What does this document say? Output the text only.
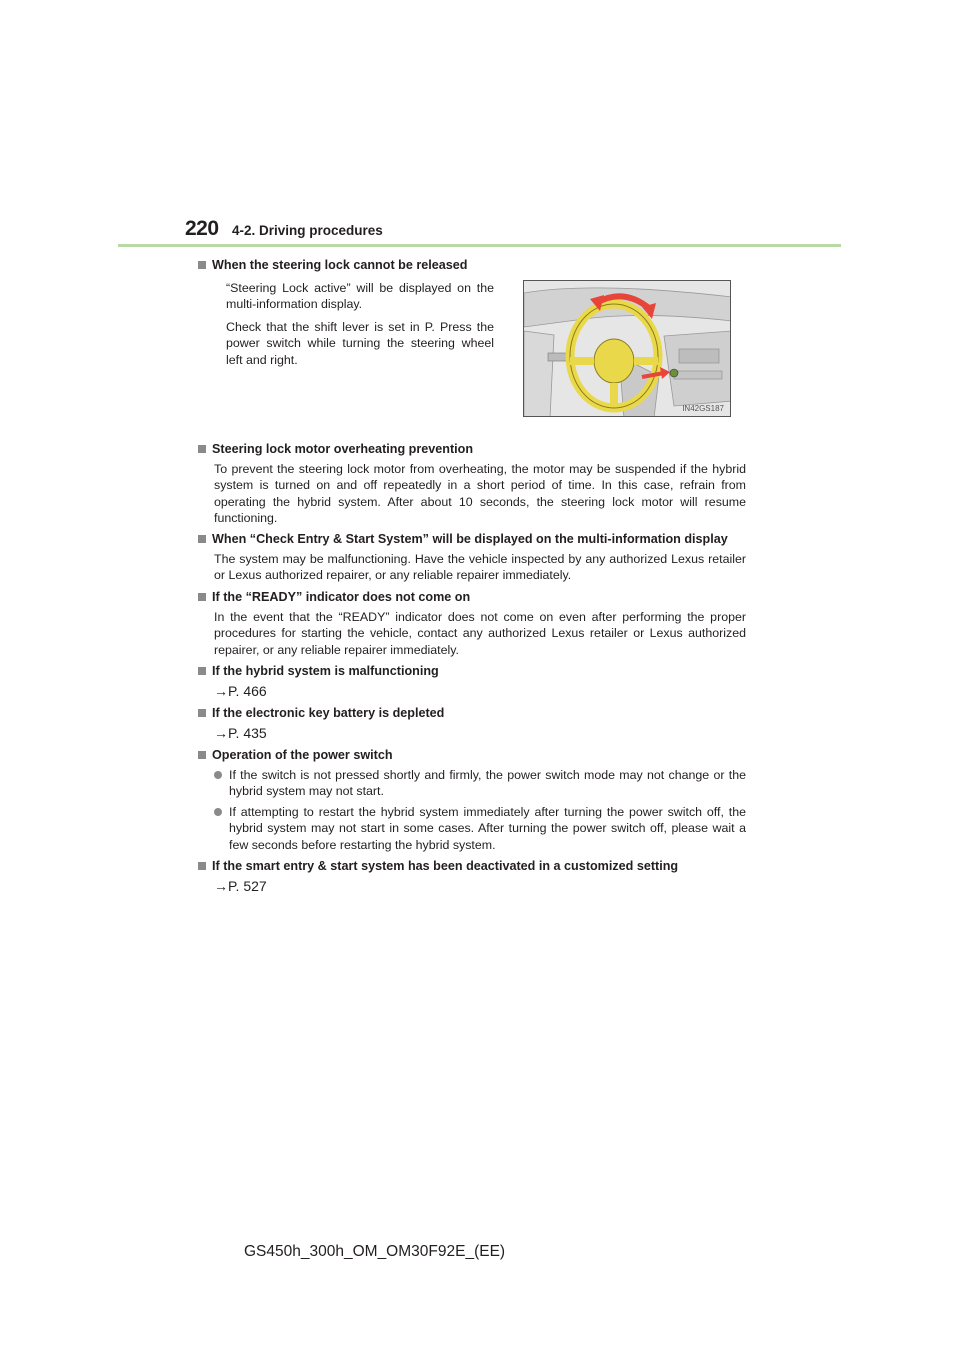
220 4-2. Driving procedures
When the steering lock cannot be released

“Steering Lock active” will be displayed on the multi-information display.

Check that the shift lever is set in P. Press the power switch while turning the steering wheel left and right.

IN42GS187
Steering lock motor overheating prevention

To prevent the steering lock motor from overheating, the motor may be suspended if the hybrid system is turned on and off repeatedly in a short period of time. In this case, refrain from operating the hybrid system. After about 10 seconds, the steering lock motor will resume functioning.

When “Check Entry & Start System” will be displayed on the multi-information display

The system may be malfunctioning. Have the vehicle inspected by any authorized Lexus retailer or Lexus authorized repairer, or any reliable repairer immediately.

If the “READY” indicator does not come on

In the event that the “READY” indicator does not come on even after performing the proper procedures for starting the vehicle, contact any authorized Lexus retailer or Lexus authorized repairer, or any reliable repairer immediately.

If the hybrid system is malfunctioning
→P. 466
If the electronic key battery is depleted
→P. 435
Operation of the power switch
If the switch is not pressed shortly and firmly, the power switch mode may not change or the hybrid system may not start.
If attempting to restart the hybrid system immediately after turning the power switch off, the hybrid system may not start in some cases. After turning the power switch off, please wait a few seconds before restarting the hybrid system.
If the smart entry & start system has been deactivated in a customized setting
→P. 527
GS450h_300h_OM_OM30F92E_(EE)
